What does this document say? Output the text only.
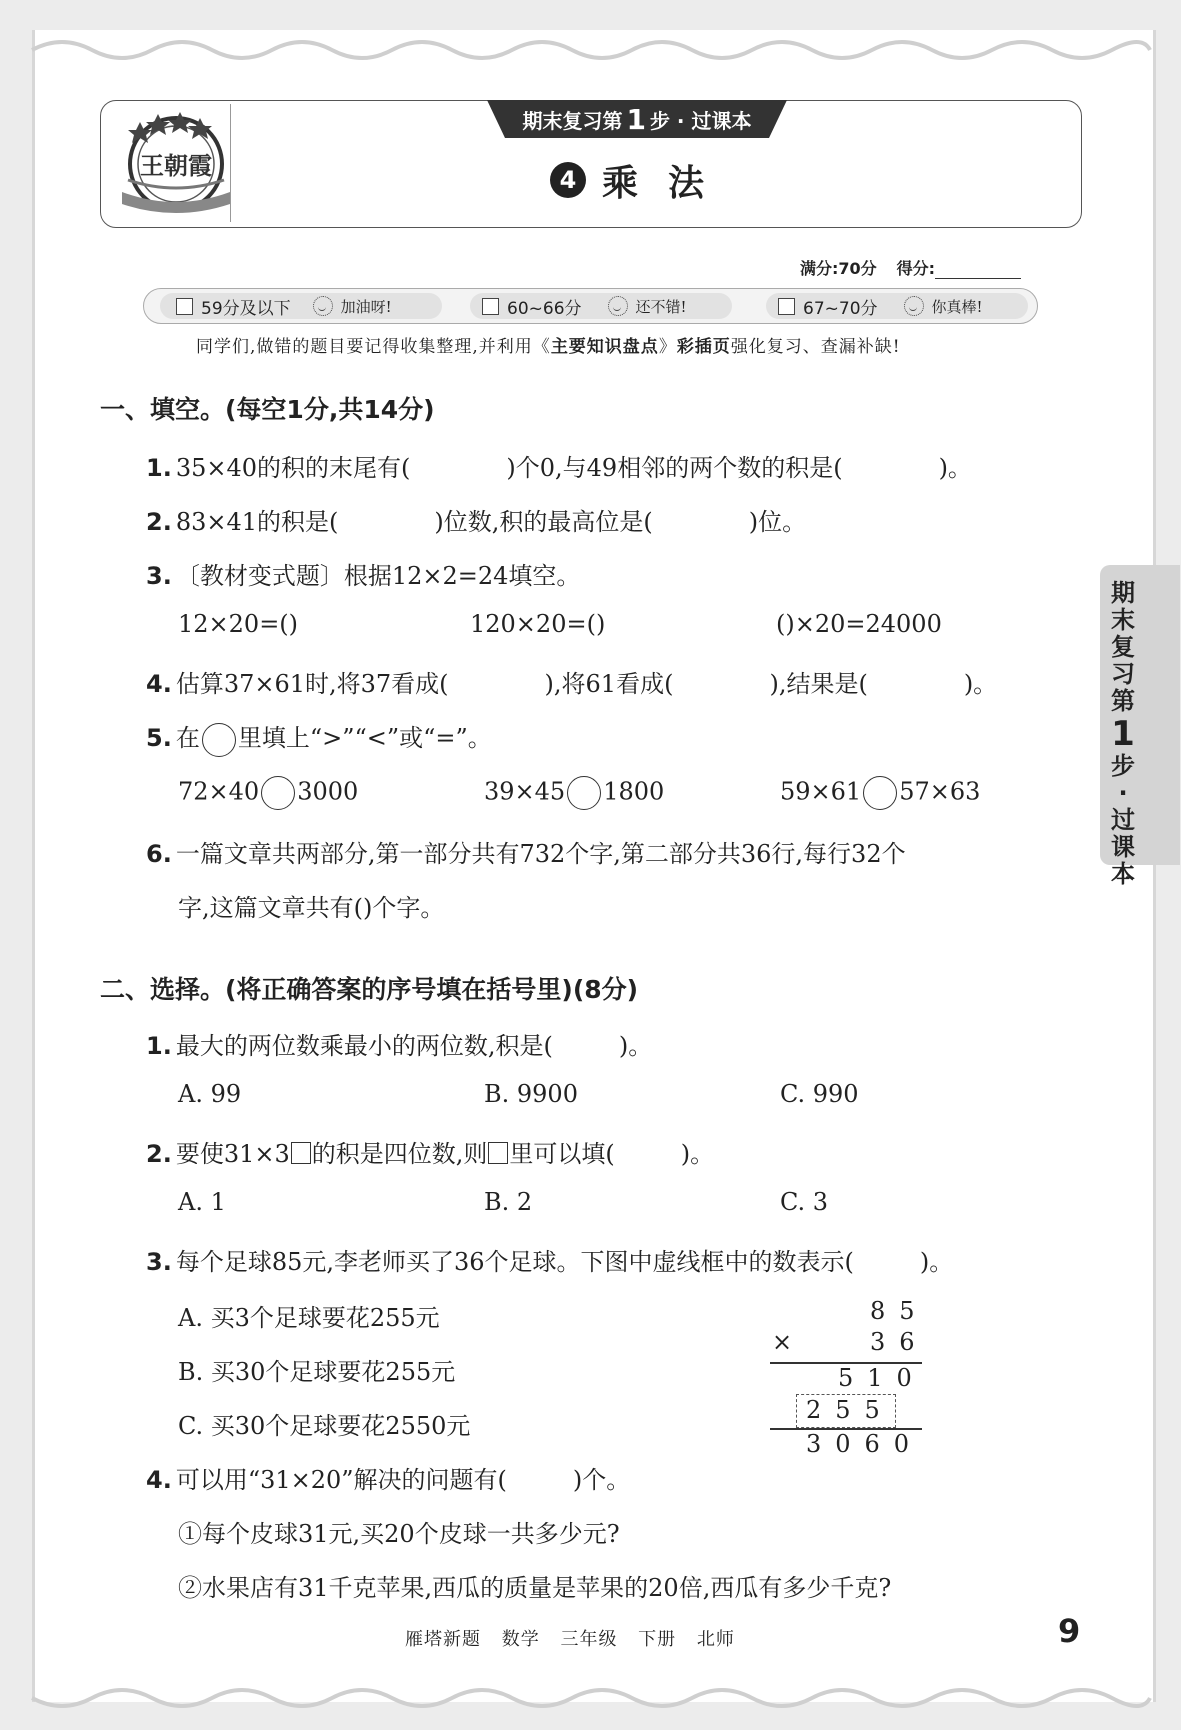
王朝霞
期末复习第 1 步 · 过课本
4 乘法
满分:70分 得分:
59分及以下	加油呀!	60~66分	还不错!	67~70分	你真棒!
同学们,做错的题目要记得收集整理,并利用《主要知识盘点》彩插页强化复习、查漏补缺!
期末复习第
1
步·过课本
一、填空。(每空1分,共14分)
1. 35×40的积的末尾有(	)个0,与49相邻的两个数的积是(	)。
2. 83×41的积是(	)位数,积的最高位是(	)位。
3. 〔教材变式题〕根据12×2=24填空。
12×20=()	120×20=()	()×20=24000
4. 估算37×61时,将37看成(	),将61看成(	),结果是(	)。
5. 在 里填上“>”“<”或“=”。
72×40 3000	39×45 1800	59×61 57×63
6. 一篇文章共两部分,第一部分共有732个字,第二部分共36行,每行32个
字,这篇文章共有()个字。
二、选择。(将正确答案的序号填在括号里)(8分)
1. 最大的两位数乘最小的两位数,积是(	)。
A. 99	B. 9900	C. 990
2. 要使31×3 的积是四位数,则 里可以填(	)。
A. 1	B. 2	C. 3
3. 每个足球85元,李老师买了36个足球。下图中虚线框中的数表示(	)。
A. 买3个足球要花255元
B. 买30个足球要花255元
C. 买30个足球要花2550元
85
×	36
510
255
3060
4. 可以用“31×20”解决的问题有(	)个。
①每个皮球31元,买20个皮球一共多少元?
②水果店有31千克苹果,西瓜的质量是苹果的20倍,西瓜有多少千克?
雁塔新题 数学 三年级 下册 北师	9
